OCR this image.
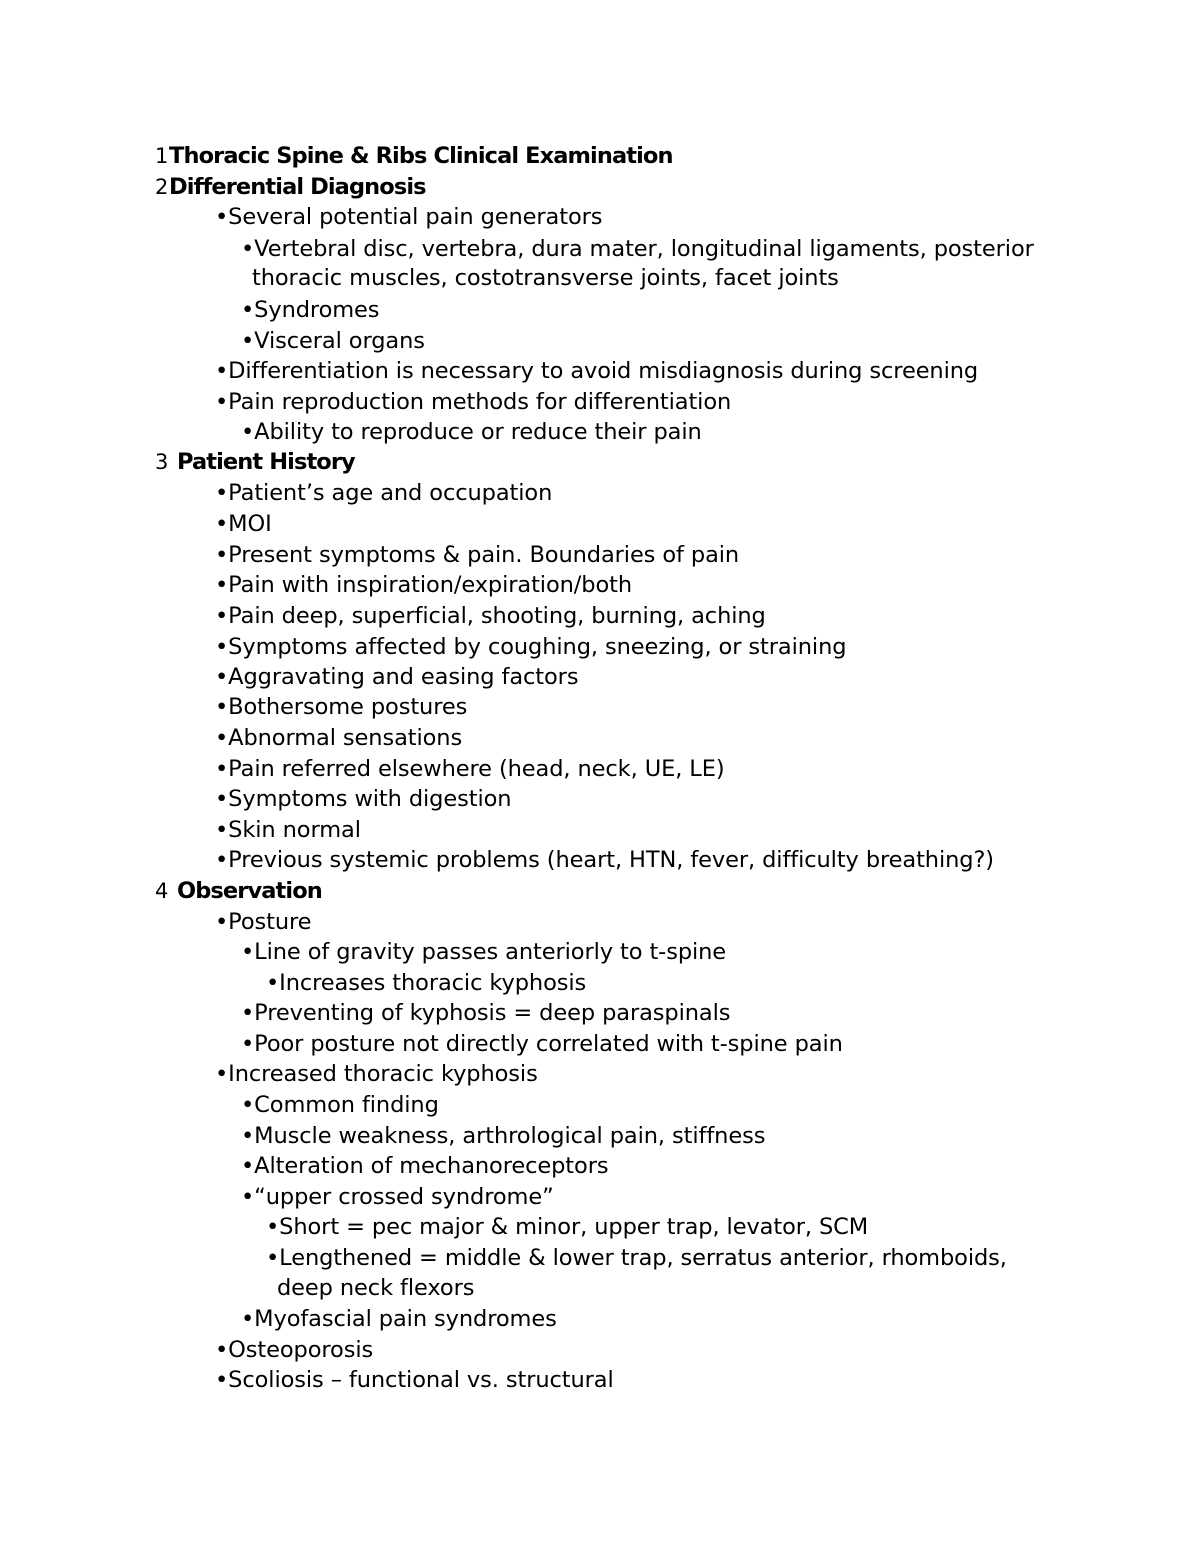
1Thoracic Spine & Ribs Clinical Examination
2Differential Diagnosis
•Several potential pain generators
•Vertebral disc, vertebra, dura mater, longitudinal ligaments, posterior
thoracic muscles, costotransverse joints, facet joints
•Syndromes
•Visceral organs
•Differentiation is necessary to avoid misdiagnosis during screening
•Pain reproduction methods for differentiation
•Ability to reproduce or reduce their pain
3 Patient History
•Patient’s age and occupation
•MOI
•Present symptoms & pain. Boundaries of pain
•Pain with inspiration/expiration/both
•Pain deep, superficial, shooting, burning, aching
•Symptoms affected by coughing, sneezing, or straining
•Aggravating and easing factors
•Bothersome postures
•Abnormal sensations
•Pain referred elsewhere (head, neck, UE, LE)
•Symptoms with digestion
•Skin normal
•Previous systemic problems (heart, HTN, fever, difficulty breathing?)
4 Observation
•Posture
•Line of gravity passes anteriorly to t-spine
•Increases thoracic kyphosis
•Preventing of kyphosis = deep paraspinals
•Poor posture not directly correlated with t-spine pain
•Increased thoracic kyphosis
•Common finding
•Muscle weakness, arthrological pain, stiffness
•Alteration of mechanoreceptors
•“upper crossed syndrome”
•Short = pec major & minor, upper trap, levator, SCM
•Lengthened = middle & lower trap, serratus anterior, rhomboids,
deep neck flexors
•Myofascial pain syndromes
•Osteoporosis
•Scoliosis – functional vs. structural
